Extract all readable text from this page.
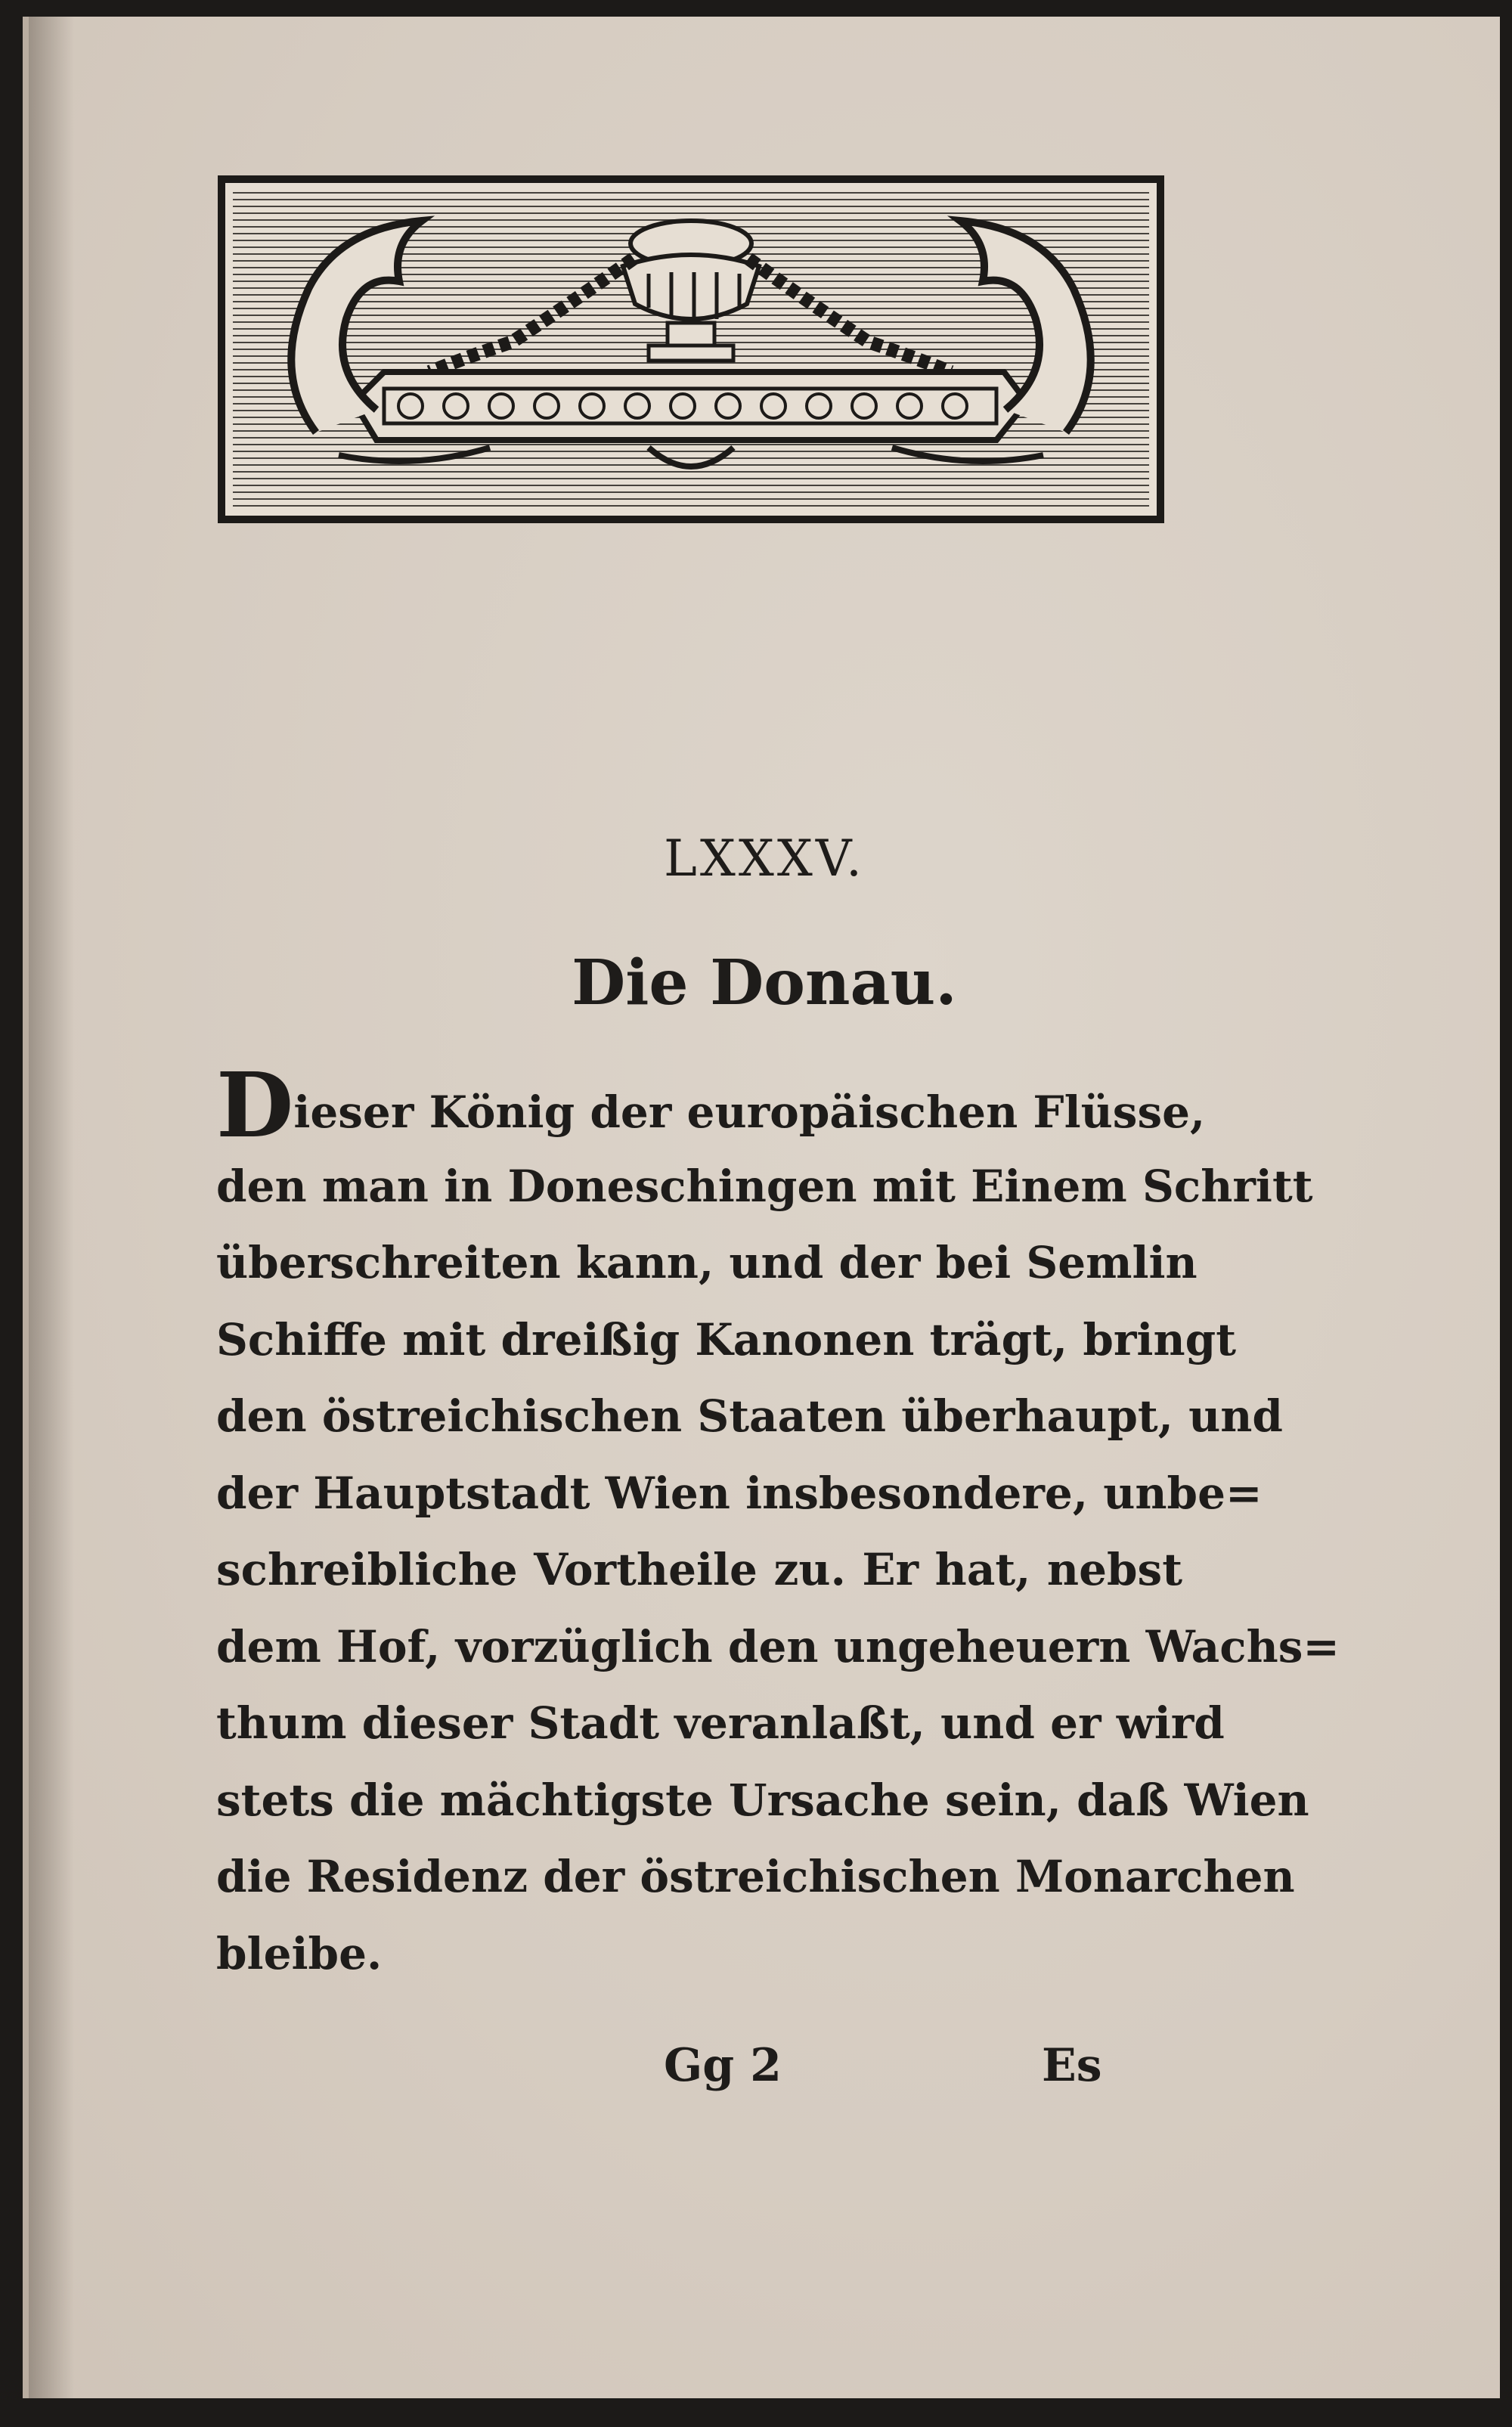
LXXXV.
Die Donau.
Dieser König der europäischen Flüsse,
den man in Doneschingen mit Einem Schritt
überschreiten kann, und der bei Semlin
Schiffe mit dreißig Kanonen trägt, bringt
den östreichischen Staaten überhaupt, und
der Hauptstadt Wien insbesondere, unbe=
schreibliche Vortheile zu. Er hat, nebst
dem Hof, vorzüglich den ungeheuern Wachs=
thum dieser Stadt veranlaßt, und er wird
stets die mächtigste Ursache sein, daß Wien
die Residenz der östreichischen Monarchen
bleibe.
Gg 2	Es
